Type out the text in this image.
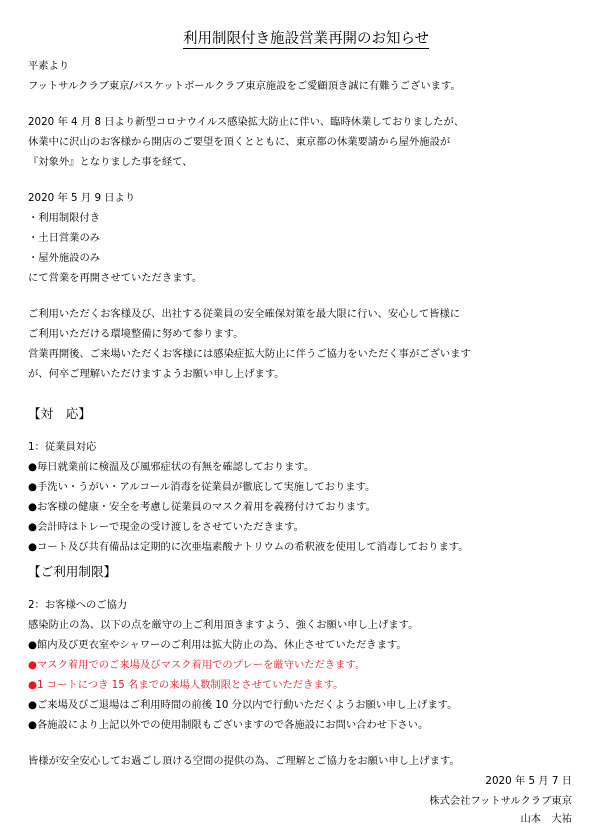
利用制限付き施設営業再開のお知らせ
平素より
フットサルクラブ東京/バスケットボールクラブ東京施設をご愛顧頂き誠に有難うございます。
2020 年 4 月 8 日より新型コロナウイルス感染拡大防止に伴い、臨時休業しておりましたが、
休業中に沢山のお客様から開店のご要望を頂くとともに、東京都の休業要請から屋外施設が
『対象外』となりました事を経て、
2020 年 5 月 9 日より
・利用制限付き
・土日営業のみ
・屋外施設のみ
にて営業を再開させていただきます。
ご利用いただくお客様及び、出社する従業員の安全確保対策を最大限に行い、安心して皆様に
ご利用いただける環境整備に努めて参ります。
営業再開後、ご来場いただくお客様には感染症拡大防止に伴うご協力をいただく事がございます
が、何卒ご理解いただけますようお願い申し上げます。
【対　応】
1：従業員対応
●毎日就業前に検温及び風邪症状の有無を確認しております。
●手洗い・うがい・アルコール消毒を従業員が徹底して実施しております。
●お客様の健康・安全を考慮し従業員のマスク着用を義務付けております。
●会計時はトレーで現金の受け渡しをさせていただきます。
●コート及び共有備品は定期的に次亜塩素酸ナトリウムの希釈液を使用して消毒しております。
【ご利用制限】
2：お客様へのご協力
感染防止の為、以下の点を厳守の上ご利用頂きますよう、強くお願い申し上げます。
●館内及び更衣室やシャワーのご利用は拡大防止の為、休止させていただきます。
●マスク着用でのご来場及びマスク着用でのプレーを厳守いただきます。
●1 コートにつき 15 名までの来場人数制限とさせていただきます。
●ご来場及びご退場はご利用時間の前後 10 分以内で行動いただくようお願い申し上げます。
●各施設により上記以外での使用制限もございますので各施設にお問い合わせ下さい。
皆様が安全安心してお過ごし頂ける空間の提供の為、ご理解とご協力をお願い申し上げます。
2020 年 5 月 7 日
株式会社フットサルクラブ東京
山本　大祐
